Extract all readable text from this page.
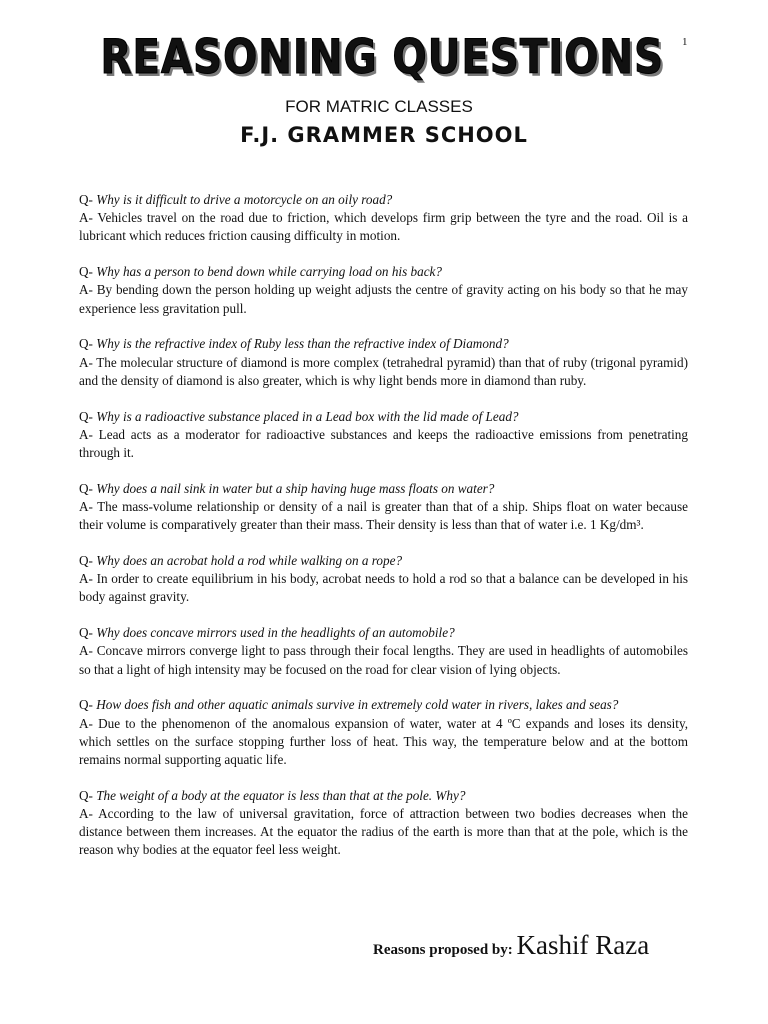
1
REASONING QUESTIONS
FOR MATRIC CLASSES
F.J. GRAMMER SCHOOL

Q- Why is it difficult to drive a motorcycle on an oily road?

A- Vehicles travel on the road due to friction, which develops firm grip between the tyre and the road. Oil is a lubricant which reduces friction causing difficulty in motion.

Q- Why has a person to bend down while carrying load on his back?

A- By bending down the person holding up weight adjusts the centre of gravity acting on his body so that he may experience less gravitation pull.

Q- Why is the refractive index of Ruby less than the refractive index of Diamond?

A- The molecular structure of diamond is more complex (tetrahedral pyramid) than that of ruby (trigonal pyramid) and the density of diamond is also greater, which is why light bends more in diamond than ruby.

Q- Why is a radioactive substance placed in a Lead box with the lid made of Lead?

A- Lead acts as a moderator for radioactive substances and keeps the radioactive emissions from penetrating through it.

Q- Why does a nail sink in water but a ship having huge mass floats on water?

A- The mass-volume relationship or density of a nail is greater than that of a ship. Ships float on water because their volume is comparatively greater than their mass. Their density is less than that of water i.e. 1 Kg/dm³.

Q- Why does an acrobat hold a rod while walking on a rope?

A- In order to create equilibrium in his body, acrobat needs to hold a rod so that a balance can be developed in his body against gravity.

Q- Why does concave mirrors used in the headlights of an automobile?

A- Concave mirrors converge light to pass through their focal lengths. They are used in headlights of automobiles so that a light of high intensity may be focused on the road for clear vision of lying objects.

Q- How does fish and other aquatic animals survive in extremely cold water in rivers, lakes and seas?

A- Due to the phenomenon of the anomalous expansion of water, water at 4 ºC expands and loses its density, which settles on the surface stopping further loss of heat. This way, the temperature below and at the bottom remains normal supporting aquatic life.

Q- The weight of a body at the equator is less than that at the pole. Why?

A- According to the law of universal gravitation, force of attraction between two bodies decreases when the distance between them increases. At the equator the radius of the earth is more than that at the pole, which is the reason why bodies at the equator feel less weight.

Reasons proposed by: Kashif Raza
